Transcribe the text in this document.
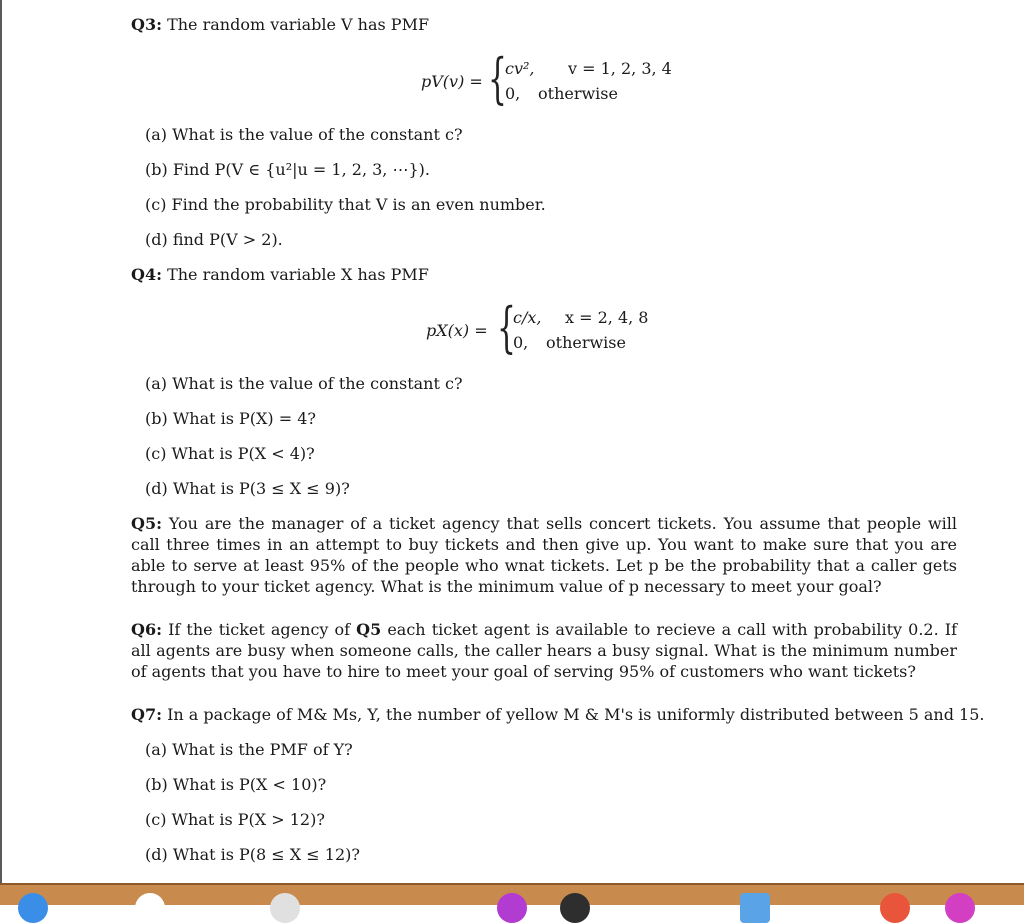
Q3: The random variable V has PMF
pV(v) = {
cv², v = 1, 2, 3, 4
0, otherwise
(a) What is the value of the constant c?
(b) Find P(V ∈ {u²|u = 1, 2, 3, ⋯}).
(c) Find the probability that V is an even number.
(d) find P(V > 2).
Q4: The random variable X has PMF
pX(x) = {
c/x, x = 2, 4, 8
0, otherwise
(a) What is the value of the constant c?
(b) What is P(X) = 4?
(c) What is P(X < 4)?
(d) What is P(3 ≤ X ≤ 9)?
Q5: You are the manager of a ticket agency that sells concert tickets. You assume that people will call three times in an attempt to buy tickets and then give up. You want to make sure that you are able to serve at least 95% of the people who wnat tickets. Let p be the probability that a caller gets through to your ticket agency. What is the minimum value of p necessary to meet your goal?
Q6: If the ticket agency of Q5 each ticket agent is available to recieve a call with probability 0.2. If all agents are busy when someone calls, the caller hears a busy signal. What is the minimum number of agents that you have to hire to meet your goal of serving 95% of customers who want tickets?
Q7: In a package of M& Ms, Y, the number of yellow M & M's is uniformly distributed between 5 and 15.
(a) What is the PMF of Y?
(b) What is P(X < 10)?
(c) What is P(X > 12)?
(d) What is P(8 ≤ X ≤ 12)?
